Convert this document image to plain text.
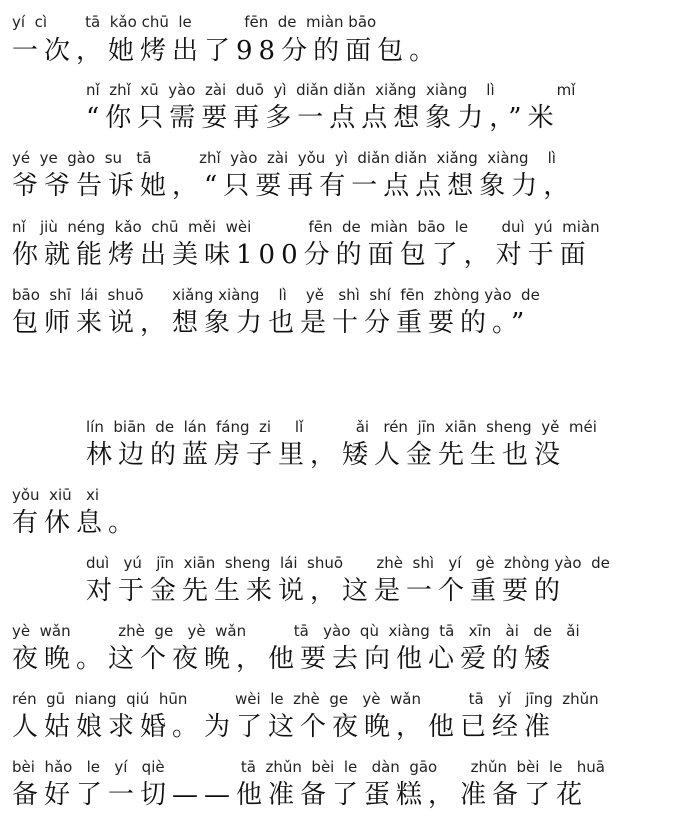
yí  cì        tā  kǎo chū  le           fēn  de  miàn bāo
一次，她烤出了98分的面包。
nǐ  zhǐ  xū  yào  zài  duō  yì  diǎn diǎn  xiǎng  xiàng    lì             mǐ
“你只需要再多一点点想象力，”米
yé  ye  gào  su   tā          zhǐ  yào  zài  yǒu  yì  diǎn diǎn  xiǎng  xiàng    lì
爷爷告诉她，“只要再有一点点想象力，
nǐ   jiù  néng  kǎo  chū  měi  wèi            fēn  de  miàn  bāo  le       duì  yú  miàn
你就能烤出美味100分的面包了，对于面
bāo  shī  lái  shuō      xiǎng xiàng    lì    yě   shì  shí  fēn  zhòng yào  de
包师来说，想象力也是十分重要的。”
lín  biān  de  lán  fáng  zi     lǐ           ǎi   rén  jīn  xiān  sheng  yě  méi
林边的蓝房子里，矮人金先生也没
yǒu  xiū   xi
有休息。
duì   yú   jīn  xiān  sheng  lái  shuō       zhè  shì   yí   gè  zhòng yào  de
对于金先生来说，这是一个重要的
yè  wǎn          zhè  ge   yè  wǎn          tā   yào  qù  xiàng  tā   xīn   ài   de   ǎi
夜晚。这个夜晚，他要去向他心爱的矮
rén  gū  niang  qiú  hūn          wèi  le  zhè  ge   yè  wǎn          tā   yǐ   jīng  zhǔn
人姑娘求婚。为了这个夜晚，他已经准
bèi  hǎo   le   yí   qiè                tā  zhǔn  bèi  le   dàn  gāo       zhǔn  bèi  le   huā
备好了一切——他准备了蛋糕，准备了花
